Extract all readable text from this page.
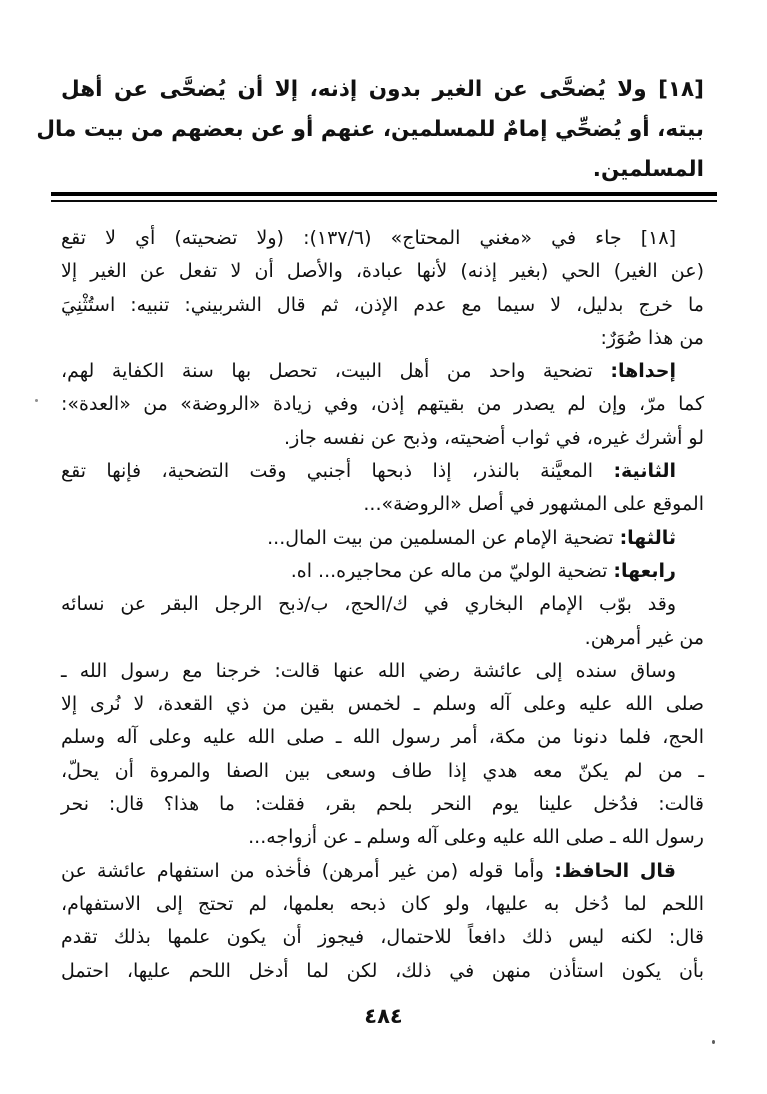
[١٨] ولا يُضحَّى عن الغير بدون إذنه، إلا أن يُضحَّى عن أهل
بيته، أو يُضحِّي إمامٌ للمسلمين، عنهم أو عن بعضهم من بيت مال
المسلمين.
[١٨] جاء في «مغني المحتاج» (١٣٧/٦): (ولا تضحيته) أي لا تقع
(عن الغير) الحي (بغير إذنه) لأنها عبادة، والأصل أن لا تفعل عن الغير إلا
ما خرج بدليل، لا سيما مع عدم الإذن، ثم قال الشربيني: تنبيه: استُثْنِيَ
من هذا صُوَرٌ:
إحداها: تضحية واحد من أهل البيت، تحصل بها سنة الكفاية لهم،
كما مرّ، وإن لم يصدر من بقيتهم إذن، وفي زيادة «الروضة» من «العدة»:
لو أشرك غيره، في ثواب أضحيته، وذبح عن نفسه جاز.
الثانية: المعيَّنة بالنذر، إذا ذبحها أجنبي وقت التضحية، فإنها تقع
الموقع على المشهور في أصل «الروضة»...
ثالثها: تضحية الإمام عن المسلمين من بيت المال...
رابعها: تضحية الوليّ من ماله عن محاجيره... اه.
وقد بوّب الإمام البخاري في ك/الحج، ب/ذبح الرجل البقر عن نسائه
من غير أمرهن.
وساق سنده إلى عائشة رضي الله عنها قالت: خرجنا مع رسول الله ـ
صلى الله عليه وعلى آله وسلم ـ لخمس بقين من ذي القعدة، لا نُرى إلا
الحج، فلما دنونا من مكة، أمر رسول الله ـ صلى الله عليه وعلى آله وسلم
ـ من لم يكنّ معه هدي إذا طاف وسعى بين الصفا والمروة أن يحلّ،
قالت: فدُخل علينا يوم النحر بلحم بقر، فقلت: ما هذا؟ قال: نحر
رسول الله ـ صلى الله عليه وعلى آله وسلم ـ عن أزواجه...
قال الحافظ: وأما قوله (من غير أمرهن) فأخذه من استفهام عائشة عن
اللحم لما دُخل به عليها، ولو كان ذبحه بعلمها، لم تحتج إلى الاستفهام،
قال: لكنه ليس ذلك دافعاً للاحتمال، فيجوز أن يكون علمها بذلك تقدم
بأن يكون استأذن منهن في ذلك، لكن لما أدخل اللحم عليها، احتمل
٤٨٤
